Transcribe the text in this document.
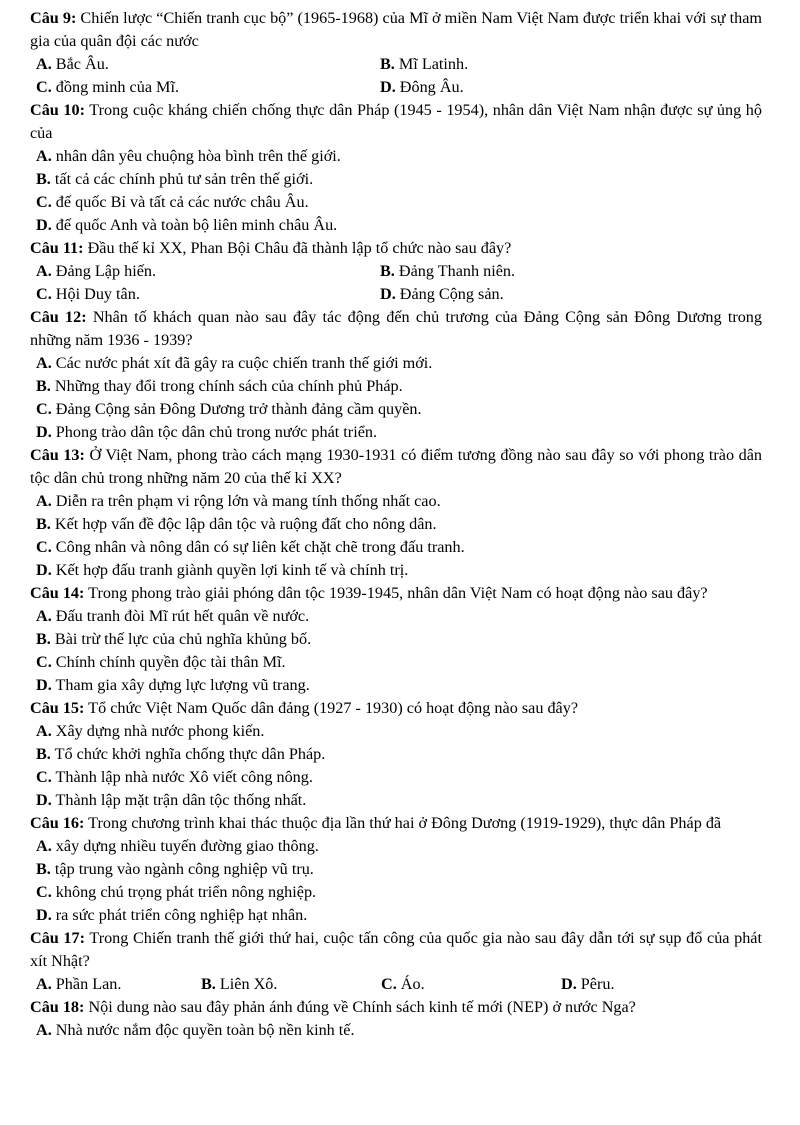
Câu 9: Chiến lược “Chiến tranh cục bộ” (1965-1968) của Mĩ ở miền Nam Việt Nam được triển khai với sự tham gia của quân đội các nước

A. Bắc Âu.	B. Mĩ Latinh.
C. đồng minh của Mĩ.	D. Đông Âu.

Câu 10: Trong cuộc kháng chiến chống thực dân Pháp (1945 - 1954), nhân dân Việt Nam nhận được sự ủng hộ của

A. nhân dân yêu chuộng hòa bình trên thế giới.
B. tất cả các chính phủ tư sản trên thế giới.
C. đế quốc Bỉ và tất cả các nước châu Âu.
D. đế quốc Anh và toàn bộ liên minh châu Âu.

Câu 11: Đầu thế kỉ XX, Phan Bội Châu đã thành lập tổ chức nào sau đây?

A. Đảng Lập hiến.	B. Đảng Thanh niên.
C. Hội Duy tân.	D. Đảng Cộng sản.

Câu 12: Nhân tố khách quan nào sau đây tác động đến chủ trương của Đảng Cộng sản Đông Dương trong những năm 1936 - 1939?

A. Các nước phát xít đã gây ra cuộc chiến tranh thế giới mới.
B. Những thay đổi trong chính sách của chính phủ Pháp.
C. Đảng Cộng sản Đông Dương trở thành đảng cầm quyền.
D. Phong trào dân tộc dân chủ trong nước phát triển.

Câu 13: Ở Việt Nam, phong trào cách mạng 1930-1931 có điểm tương đồng nào sau đây so với phong trào dân tộc dân chủ trong những năm 20 của thế kỉ XX?

A. Diễn ra trên phạm vi rộng lớn và mang tính thống nhất cao.
B. Kết hợp vấn đề độc lập dân tộc và ruộng đất cho nông dân.
C. Công nhân và nông dân có sự liên kết chặt chẽ trong đấu tranh.
D. Kết hợp đấu tranh giành quyền lợi kinh tế và chính trị.

Câu 14: Trong phong trào giải phóng dân tộc 1939-1945, nhân dân Việt Nam có hoạt động nào sau đây?

A. Đấu tranh đòi Mĩ rút hết quân về nước.
B. Bài trừ thế lực của chủ nghĩa khủng bố.
C. Chính chính quyền độc tài thân Mĩ.
D. Tham gia xây dựng lực lượng vũ trang.

Câu 15: Tổ chức Việt Nam Quốc dân đảng (1927 - 1930) có hoạt động nào sau đây?

A. Xây dựng nhà nước phong kiến.
B. Tổ chức khởi nghĩa chống thực dân Pháp.
C. Thành lập nhà nước Xô viết công nông.
D. Thành lập mặt trận dân tộc thống nhất.

Câu 16: Trong chương trình khai thác thuộc địa lần thứ hai ở Đông Dương (1919-1929), thực dân Pháp đã

A. xây dựng nhiều tuyến đường giao thông.
B. tập trung vào ngành công nghiệp vũ trụ.
C. không chú trọng phát triển nông nghiệp.
D. ra sức phát triển công nghiệp hạt nhân.

Câu 17: Trong Chiến tranh thế giới thứ hai, cuộc tấn công của quốc gia nào sau đây dẫn tới sự sụp đổ của phát xít Nhật?

A. Phần Lan.	B. Liên Xô.	C. Áo.	D. Pêru.

Câu 18: Nội dung nào sau đây phản ánh đúng về Chính sách kinh tế mới (NEP) ở nước Nga?

A. Nhà nước nắm độc quyền toàn bộ nền kinh tế.
